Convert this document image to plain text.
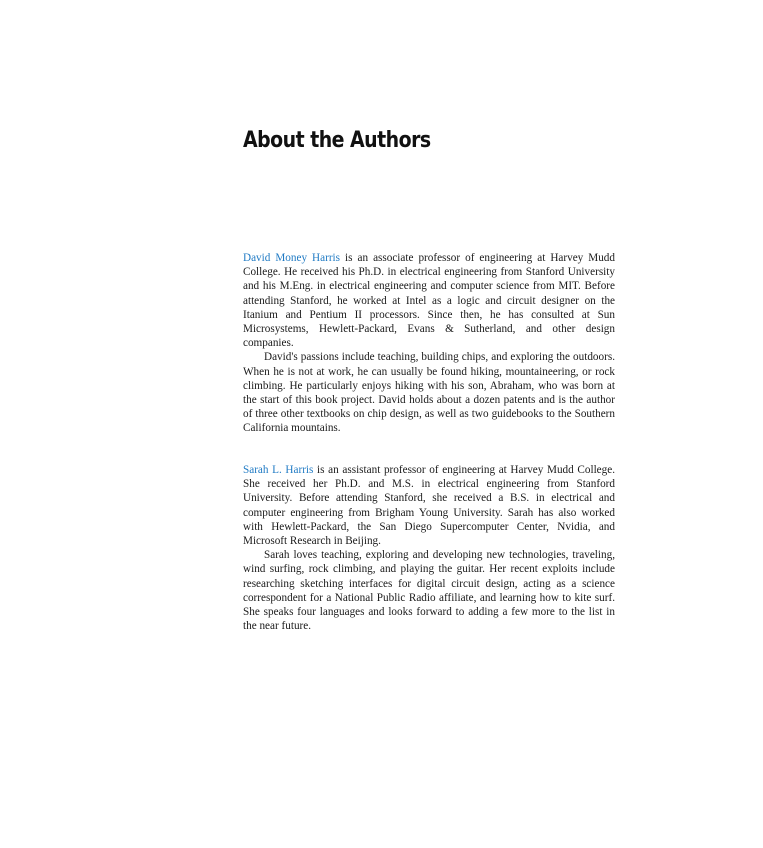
About the Authors

David Money Harris is an associate professor of engineering at Harvey Mudd College. He received his Ph.D. in electrical engineering from Stanford University and his M.Eng. in electrical engineering and computer science from MIT. Before attending Stanford, he worked at Intel as a logic and circuit designer on the Itanium and Pentium II processors. Since then, he has consulted at Sun Microsystems, Hewlett-Packard, Evans & Sutherland, and other design companies.

David's passions include teaching, building chips, and exploring the outdoors. When he is not at work, he can usually be found hiking, mountaineering, or rock climbing. He particularly enjoys hiking with his son, Abraham, who was born at the start of this book project. David holds about a dozen patents and is the author of three other textbooks on chip design, as well as two guidebooks to the Southern California mountains.

Sarah L. Harris is an assistant professor of engineering at Harvey Mudd College. She received her Ph.D. and M.S. in electrical engineering from Stanford University. Before attending Stanford, she received a B.S. in electrical and computer engineering from Brigham Young University. Sarah has also worked with Hewlett-Packard, the San Diego Supercomputer Center, Nvidia, and Microsoft Research in Beijing.

Sarah loves teaching, exploring and developing new technologies, traveling, wind surfing, rock climbing, and playing the guitar. Her recent exploits include researching sketching interfaces for digital circuit design, acting as a science correspondent for a National Public Radio affiliate, and learning how to kite surf. She speaks four languages and looks forward to adding a few more to the list in the near future.
